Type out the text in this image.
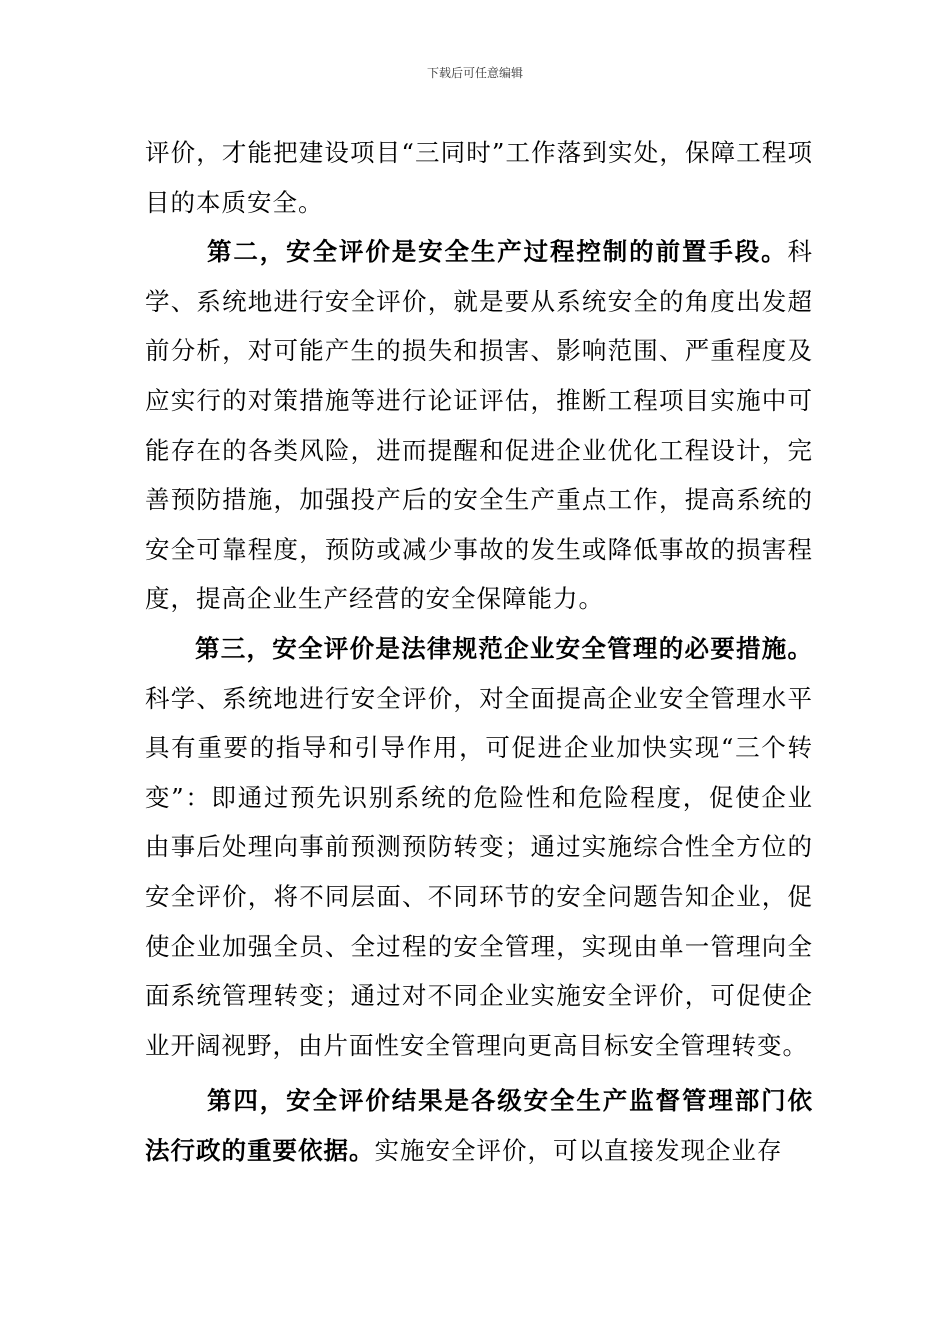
下载后可任意编辑

评价，才能把建设项目“三同时”工作落到实处，保障工程项目的本质安全。

第二，安全评价是安全生产过程控制的前置手段。科学、系统地进行安全评价，就是要从系统安全的角度出发超前分析，对可能产生的损失和损害、影响范围、严重程度及应实行的对策措施等进行论证评估，推断工程项目实施中可能存在的各类风险，进而提醒和促进企业优化工程设计，完善预防措施，加强投产后的安全生产重点工作，提高系统的安全可靠程度，预防或减少事故的发生或降低事故的损害程度，提高企业生产经营的安全保障能力。

第三，安全评价是法律规范企业安全管理的必要措施。科学、系统地进行安全评价，对全面提高企业安全管理水平具有重要的指导和引导作用，可促进企业加快实现“三个转变”：即通过预先识别系统的危险性和危险程度，促使企业由事后处理向事前预测预防转变；通过实施综合性全方位的安全评价，将不同层面、不同环节的安全问题告知企业，促使企业加强全员、全过程的安全管理，实现由单一管理向全面系统管理转变；通过对不同企业实施安全评价，可促使企业开阔视野，由片面性安全管理向更高目标安全管理转变。

第四，安全评价结果是各级安全生产监督管理部门依法行政的重要依据。实施安全评价，可以直接发现企业存
